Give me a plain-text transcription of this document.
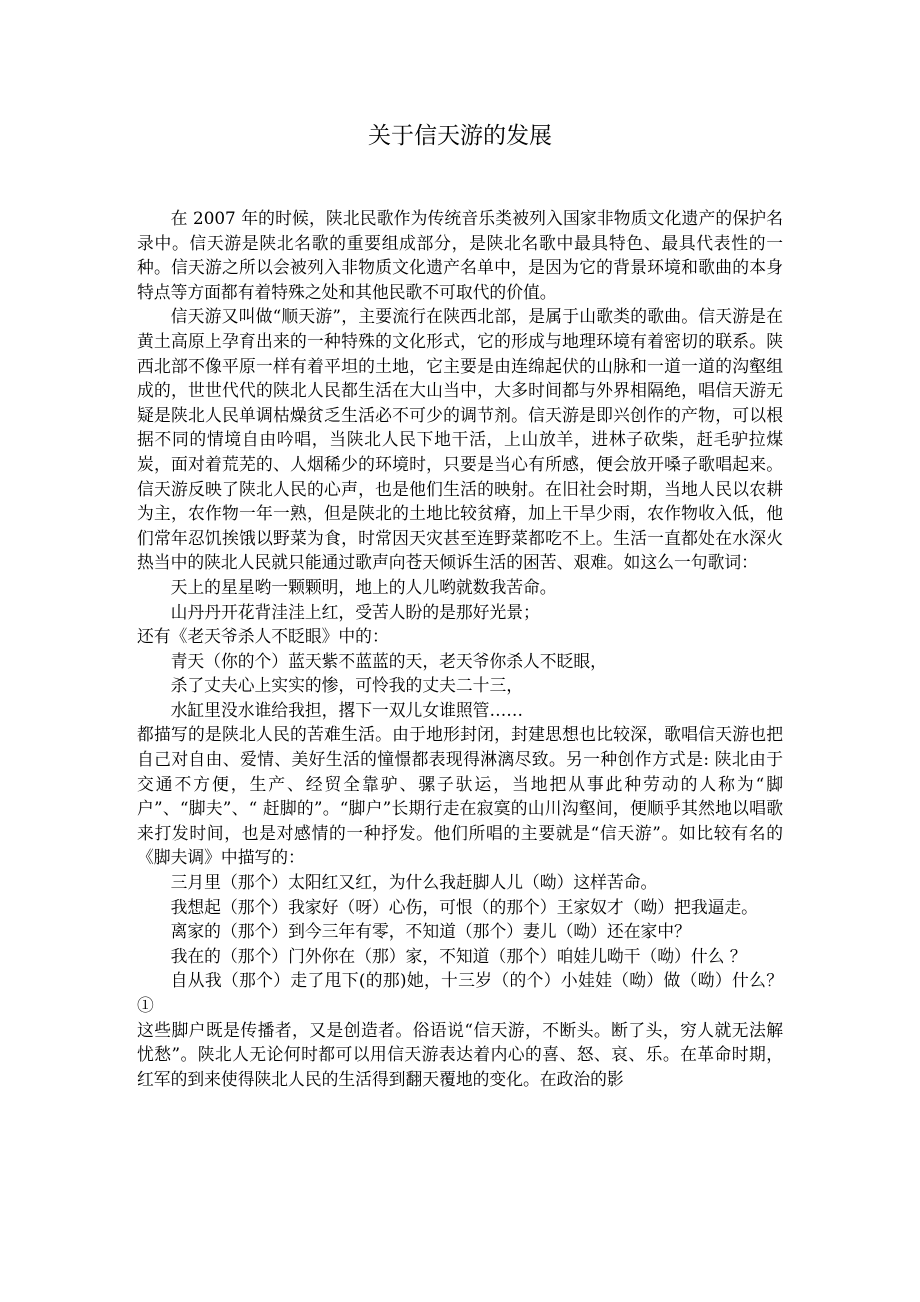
关于信天游的发展

在 2007 年的时候，陕北民歌作为传统音乐类被列入国家非物质文化遗产的保护名录中。信天游是陕北名歌的重要组成部分，是陕北名歌中最具特色、最具代表性的一种。信天游之所以会被列入非物质文化遗产名单中，是因为它的背景环境和歌曲的本身特点等方面都有着特殊之处和其他民歌不可取代的价值。

信天游又叫做“顺天游”，主要流行在陕西北部，是属于山歌类的歌曲。信天游是在黄土高原上孕育出来的一种特殊的文化形式，它的形成与地理环境有着密切的联系。陕西北部不像平原一样有着平坦的土地，它主要是由连绵起伏的山脉和一道一道的沟壑组成的，世世代代的陕北人民都生活在大山当中，大多时间都与外界相隔绝，唱信天游无疑是陕北人民单调枯燥贫乏生活必不可少的调节剂。信天游是即兴创作的产物，可以根据不同的情境自由吟唱，当陕北人民下地干活，上山放羊，进林子砍柴，赶毛驴拉煤炭，面对着荒芜的、人烟稀少的环境时，只要是当心有所感，便会放开嗓子歌唱起来。信天游反映了陕北人民的心声，也是他们生活的映射。在旧社会时期，当地人民以农耕为主，农作物一年一熟，但是陕北的土地比较贫瘠，加上干旱少雨，农作物收入低，他们常年忍饥挨饿以野菜为食，时常因天灾甚至连野菜都吃不上。生活一直都处在水深火热当中的陕北人民就只能通过歌声向苍天倾诉生活的困苦、艰难。如这么一句歌词：

天上的星星哟一颗颗明，地上的人儿哟就数我苦命。

山丹丹开花背洼洼上红，受苦人盼的是那好光景；

还有《老天爷杀人不眨眼》中的：

青天（你的个）蓝天紫不蓝蓝的天，老天爷你杀人不眨眼，

杀了丈夫心上实实的惨，可怜我的丈夫二十三，

水缸里没水谁给我担，撂下一双儿女谁照管……

都描写的是陕北人民的苦难生活。由于地形封闭，封建思想也比较深，歌唱信天游也把自己对自由、爱情、美好生活的憧憬都表现得淋漓尽致。另一种创作方式是: 陕北由于交通不方便，生产、经贸全靠驴、骡子驮运，当地把从事此种劳动的人称为“脚户”、“脚夫”、“ 赶脚的”。“脚户”长期行走在寂寞的山川沟壑间，便顺乎其然地以唱歌来打发时间，也是对感情的一种抒发。他们所唱的主要就是“信天游”。如比较有名的《脚夫调》中描写的：

三月里（那个）太阳红又红，为什么我赶脚人儿（呦）这样苦命。

我想起（那个）我家好（呀）心伤，可恨（的那个）王家奴才（呦）把我逼走。

离家的（那个）到今三年有零，不知道（那个）妻儿（呦）还在家中？

我在的（那个）门外你在（那）家，不知道（那个）咱娃儿呦干（呦）什么 ？

自从我（那个）走了甩下(的那)她，十三岁（的个）小娃娃（呦）做（呦）什么？①

这些脚户既是传播者，又是创造者。俗语说“信天游，不断头。断了头，穷人就无法解忧愁”。陕北人无论何时都可以用信天游表达着内心的喜、怒、哀、乐。在革命时期，红军的到来使得陕北人民的生活得到翻天覆地的变化。在政治的影
